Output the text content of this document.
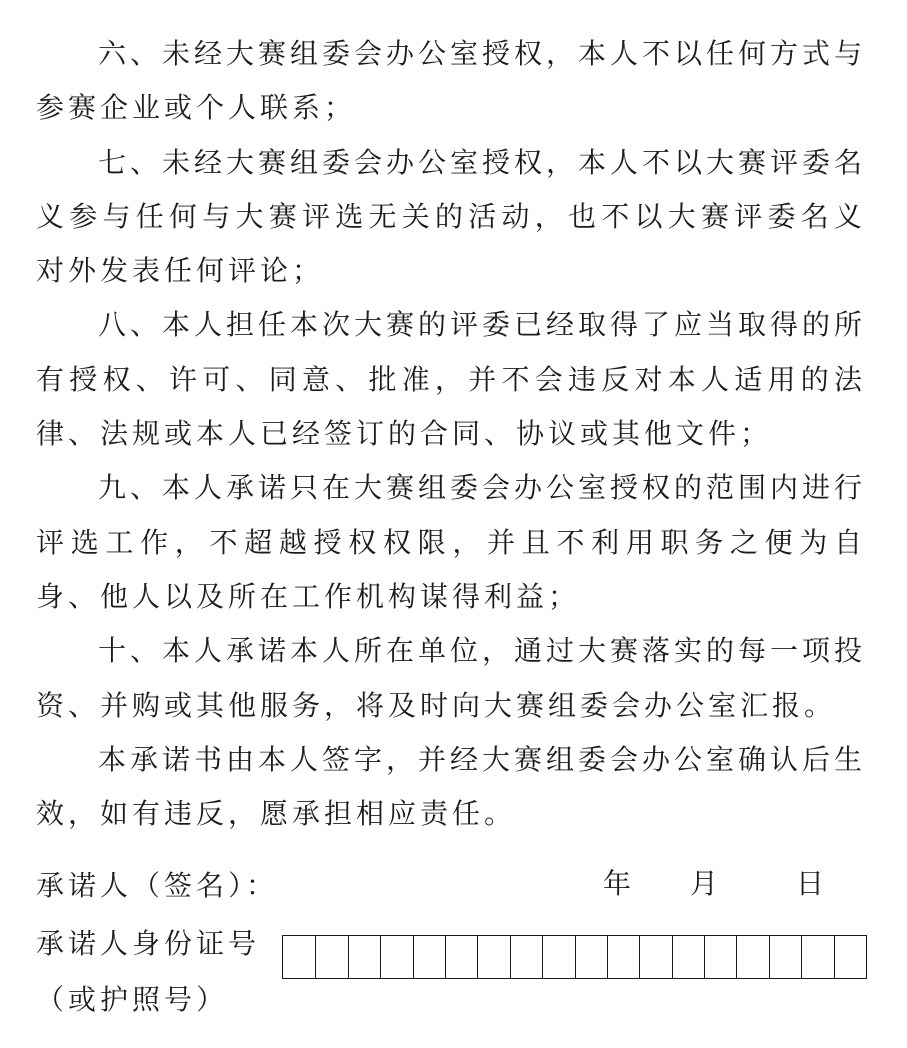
六、未经大赛组委会办公室授权，本人不以任何方式与参赛企业或个人联系；

七、未经大赛组委会办公室授权，本人不以大赛评委名义参与任何与大赛评选无关的活动，也不以大赛评委名义对外发表任何评论；

八、本人担任本次大赛的评委已经取得了应当取得的所有授权、许可、同意、批准，并不会违反对本人适用的法律、法规或本人已经签订的合同、协议或其他文件；

九、本人承诺只在大赛组委会办公室授权的范围内进行评选工作，不超越授权权限，并且不利用职务之便为自身、他人以及所在工作机构谋得利益；

十、本人承诺本人所在单位，通过大赛落实的每一项投资、并购或其他服务，将及时向大赛组委会办公室汇报。

本承诺书由本人签字，并经大赛组委会办公室确认后生效，如有违反，愿承担相应责任。

承诺人（签名）：	年 月	日
承诺人身份证号
（或护照号）
